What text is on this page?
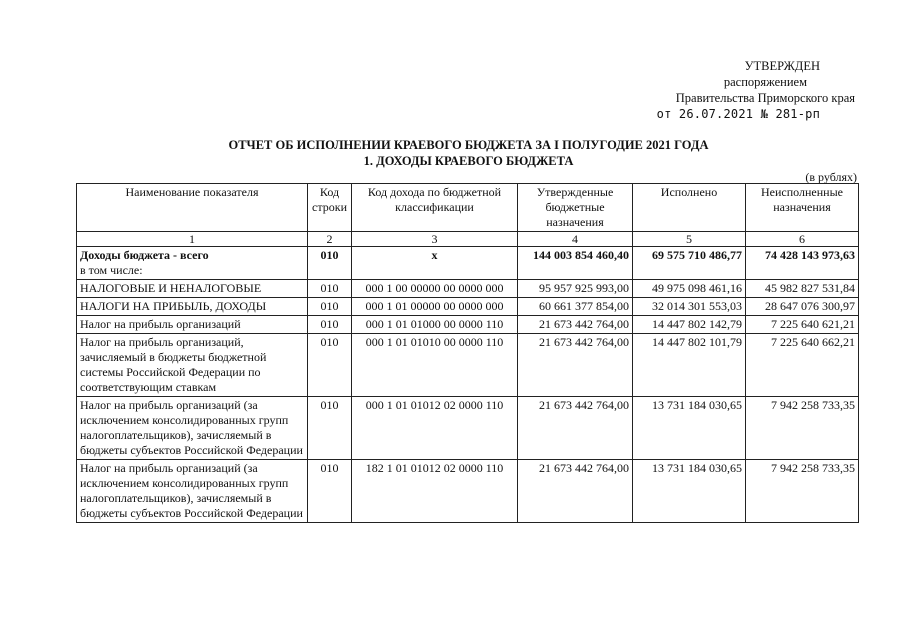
УТВЕРЖДЕН
распоряжением
Правительства Приморского края
от 26.07.2021 № 281-рп
ОТЧЕТ ОБ ИСПОЛНЕНИИ КРАЕВОГО БЮДЖЕТА ЗА I ПОЛУГОДИЕ 2021 ГОДА
1. ДОХОДЫ КРАЕВОГО БЮДЖЕТА
(в рублях)
Наименование показателя	Код строки	Код дохода по бюджетной классификации	Утвержденные бюджетные назначения	Исполнено	Неисполненные назначения
1	2	3	4	5	6
Доходы бюджета - всего
в том числе:	010	х	144 003 854 460,40	69 575 710 486,77	74 428 143 973,63
НАЛОГОВЫЕ И НЕНАЛОГОВЫЕ	010	000 1 00 00000 00 0000 000	95 957 925 993,00	49 975 098 461,16	45 982 827 531,84
НАЛОГИ НА ПРИБЫЛЬ, ДОХОДЫ	010	000 1 01 00000 00 0000 000	60 661 377 854,00	32 014 301 553,03	28 647 076 300,97
Налог на прибыль организаций	010	000 1 01 01000 00 0000 110	21 673 442 764,00	14 447 802 142,79	7 225 640 621,21
Налог на прибыль организаций, зачисляемый в бюджеты бюджетной системы Российской Федерации по соответствующим ставкам	010	000 1 01 01010 00 0000 110	21 673 442 764,00	14 447 802 101,79	7 225 640 662,21
Налог на прибыль организаций (за исключением консолидированных групп налогоплательщиков), зачисляемый в бюджеты субъектов Российской Федерации	010	000 1 01 01012 02 0000 110	21 673 442 764,00	13 731 184 030,65	7 942 258 733,35
Налог на прибыль организаций (за исключением консолидированных групп налогоплательщиков), зачисляемый в бюджеты субъектов Российской Федерации	010	182 1 01 01012 02 0000 110	21 673 442 764,00	13 731 184 030,65	7 942 258 733,35
